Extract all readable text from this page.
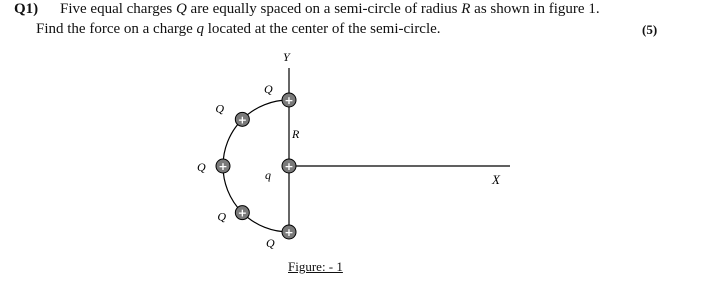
Q1) Five equal charges Q are equally spaced on a semi-circle of radius R as shown in figure 1.
Find the force on a charge q located at the center of the semi-circle.	(5)
Y
X
R
q
+
Q
+
Q
+
Q
+
Q
+
Q
+
Figure: - 1
